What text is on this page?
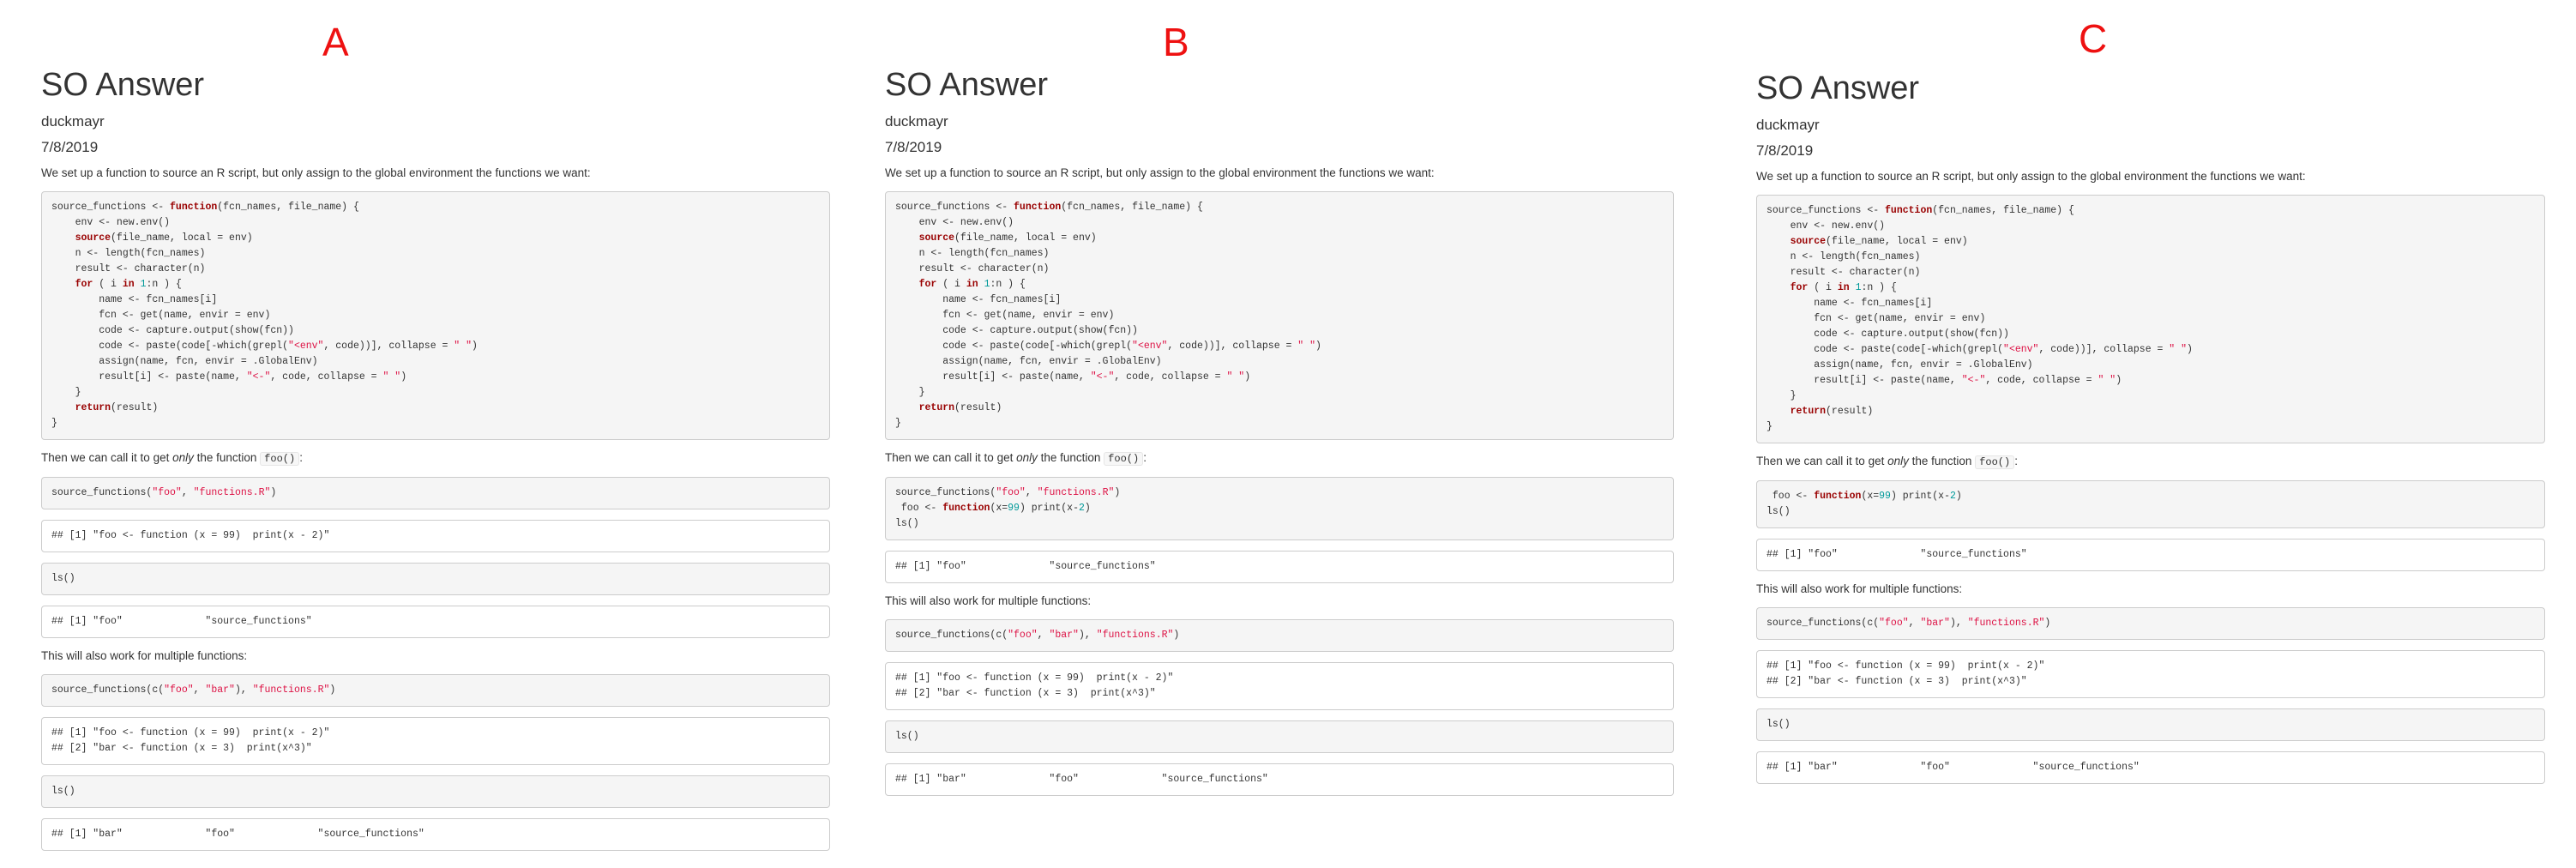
A
SO Answer
duckmayr
7/8/2019

We set up a function to source an R script, but only assign to the global environment the functions we want:

source_functions <- function(fcn_names, file_name) {
env <- new.env()
source(file_name, local = env)
n <- length(fcn_names)
result <- character(n)
for ( i in 1:n ) {
name <- fcn_names[i]
fcn <- get(name, envir = env)
code <- capture.output(show(fcn))
code <- paste(code[-which(grepl("<env", code))], collapse = " ")
assign(name, fcn, envir = .GlobalEnv)
result[i] <- paste(name, "<-", code, collapse = " ")
}
return(result)
}

Then we can call it to get only the function foo() :

source_functions("foo", "functions.R")
## [1] "foo <- function (x = 99)  print(x - 2)"
ls()
## [1] "foo"              "source_functions"

This will also work for multiple functions:

source_functions(c("foo", "bar"), "functions.R")
## [1] "foo <- function (x = 99)  print(x - 2)"
## [2] "bar <- function (x = 3)  print(x^3)"
ls()
## [1] "bar"              "foo"              "source_functions"
B
SO Answer
duckmayr
7/8/2019

We set up a function to source an R script, but only assign to the global environment the functions we want:

source_functions <- function(fcn_names, file_name) {
env <- new.env()
source(file_name, local = env)
n <- length(fcn_names)
result <- character(n)
for ( i in 1:n ) {
name <- fcn_names[i]
fcn <- get(name, envir = env)
code <- capture.output(show(fcn))
code <- paste(code[-which(grepl("<env", code))], collapse = " ")
assign(name, fcn, envir = .GlobalEnv)
result[i] <- paste(name, "<-", code, collapse = " ")
}
return(result)
}

Then we can call it to get only the function foo() :

source_functions("foo", "functions.R")
foo <- function(x=99) print(x-2)
ls()
## [1] "foo"              "source_functions"

This will also work for multiple functions:

source_functions(c("foo", "bar"), "functions.R")
## [1] "foo <- function (x = 99)  print(x - 2)"
## [2] "bar <- function (x = 3)  print(x^3)"
ls()
## [1] "bar"              "foo"              "source_functions"
C
SO Answer
duckmayr
7/8/2019

We set up a function to source an R script, but only assign to the global environment the functions we want:

source_functions <- function(fcn_names, file_name) {
env <- new.env()
source(file_name, local = env)
n <- length(fcn_names)
result <- character(n)
for ( i in 1:n ) {
name <- fcn_names[i]
fcn <- get(name, envir = env)
code <- capture.output(show(fcn))
code <- paste(code[-which(grepl("<env", code))], collapse = " ")
assign(name, fcn, envir = .GlobalEnv)
result[i] <- paste(name, "<-", code, collapse = " ")
}
return(result)
}

Then we can call it to get only the function foo() :

foo <- function(x=99) print(x-2)
ls()
## [1] "foo"              "source_functions"

This will also work for multiple functions:

source_functions(c("foo", "bar"), "functions.R")
## [1] "foo <- function (x = 99)  print(x - 2)"
## [2] "bar <- function (x = 3)  print(x^3)"
ls()
## [1] "bar"              "foo"              "source_functions"
